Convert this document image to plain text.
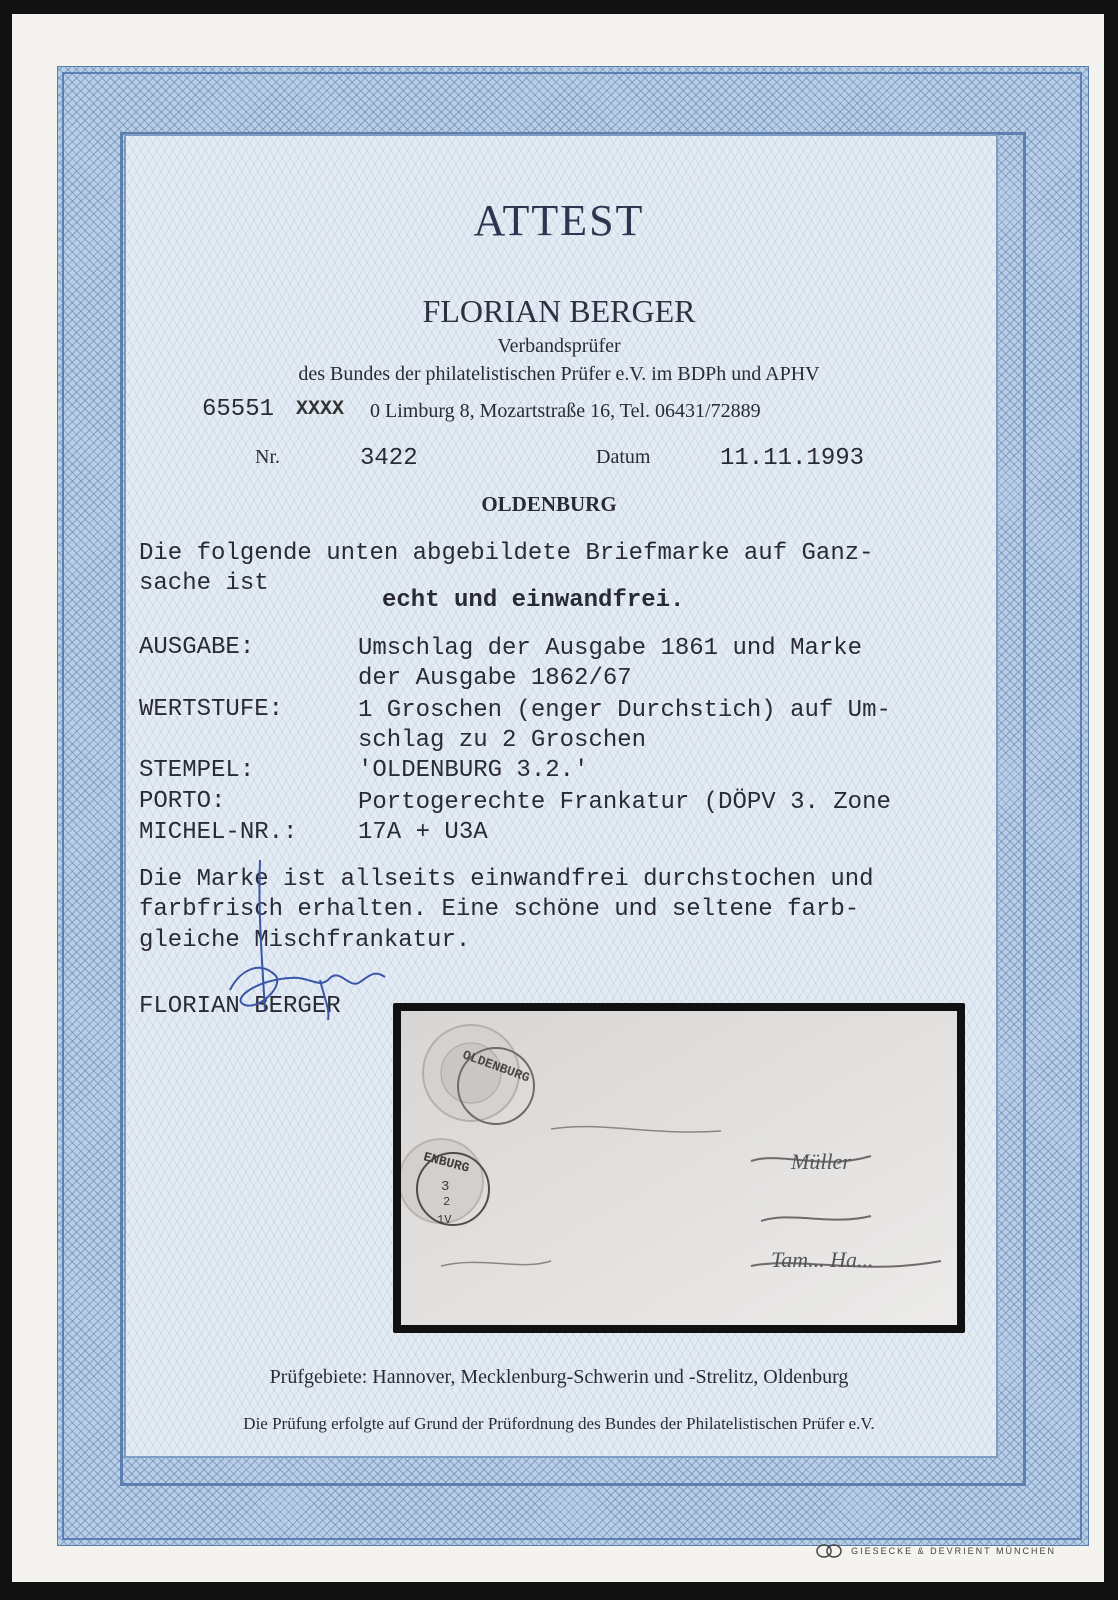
ATTEST
FLORIAN BERGER
Verbandsprüfer
des Bundes der philatelistischen Prüfer e.V. im BDPh und APHV
65551 XXXX 0 Limburg 8, Mozartstraße 16, Tel. 06431/72889
Nr.	3422	Datum	11.11.1993
OLDENBURG
Die folgende unten abgebildete Briefmarke auf Ganz-
sache ist
echt und einwandfrei.
AUSGABE:	Umschlag der Ausgabe 1861 und Marke
der Ausgabe 1862/67
WERTSTUFE:	1 Groschen (enger Durchstich) auf Um-
schlag zu 2 Groschen
STEMPEL:	'OLDENBURG 3.2.'
PORTO:	Portogerechte Frankatur (DÖPV 3. Zone
MICHEL-NR.:	17A + U3A
Die Marke ist allseits einwandfrei durchstochen und
farbfrisch erhalten. Eine schöne und seltene farb-
gleiche Mischfrankatur.
FLORIAN BERGER
OLDENBURG
ENBURG
3
2
1V
Müller
Tam... Ha...
Prüfgebiete: Hannover, Mecklenburg-Schwerin und -Strelitz, Oldenburg
Die Prüfung erfolgte auf Grund der Prüfordnung des Bundes der Philatelistischen Prüfer e.V.
GIESECKE & DEVRIENT MÜNCHEN
